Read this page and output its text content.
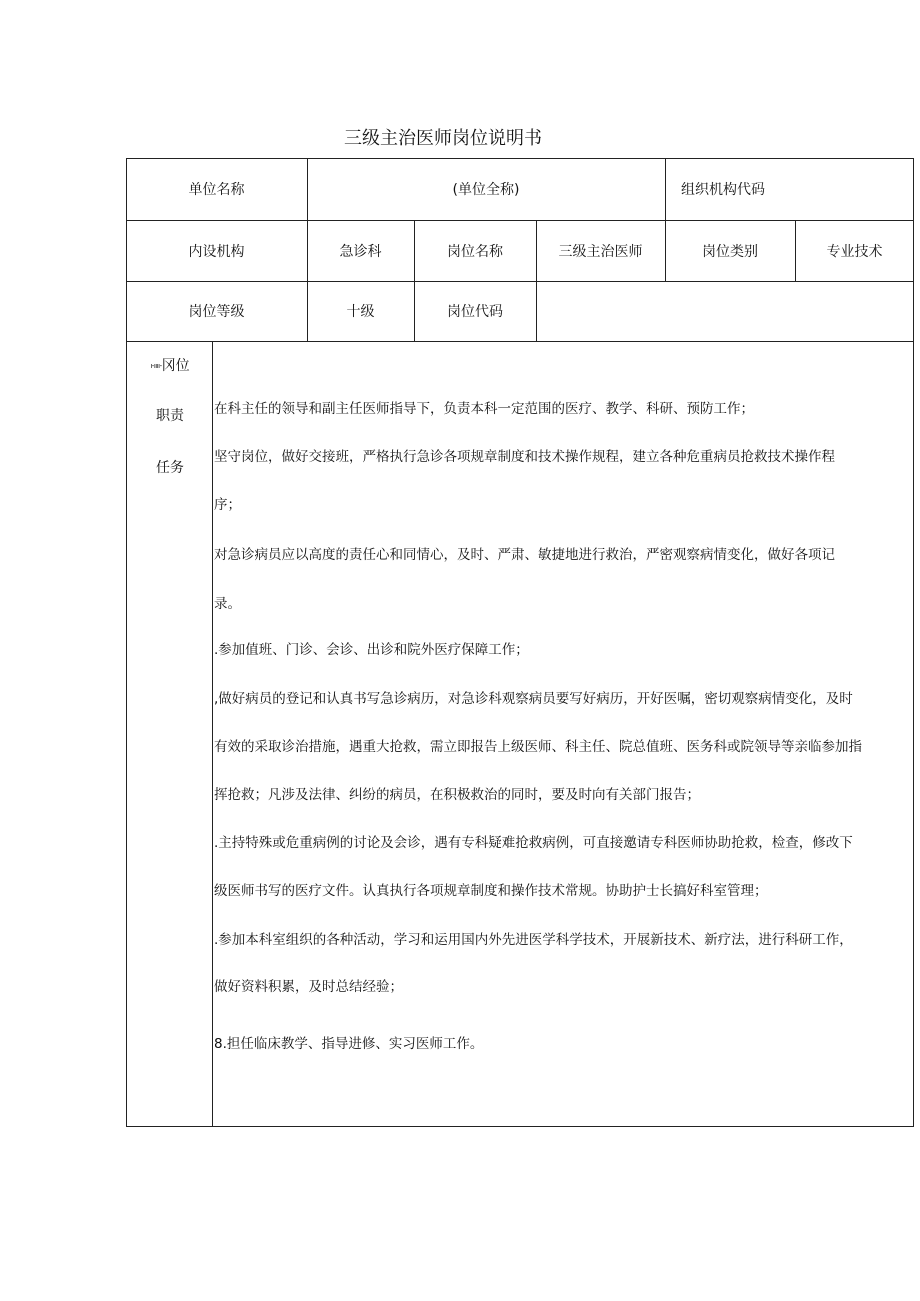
三级主治医师岗位说明书
单位名称	(单位全称)	组织机构代码
内设机构	急诊科	岗位名称	三级主治医师	岗位类别	专业技术
岗位等级	十级	岗位代码
ı-ıııı-冈位
职责
任务
在科主任的领导和副主任医师指导下，负责本科一定范围的医疗、教学、科研、预防工作；
坚守岗位，做好交接班，严格执行急诊各项规章制度和技术操作规程，建立各种危重病员抢救技术操作程
序；
对急诊病员应以高度的责任心和同情心，及时、严肃、敏捷地进行救治，严密观察病情变化，做好各项记
录。
.参加值班、门诊、会诊、出诊和院外医疗保障工作；
,做好病员的登记和认真书写急诊病历，对急诊科观察病员要写好病历，开好医嘱，密切观察病情变化，及时
有效的采取诊治措施，遇重大抢救，需立即报告上级医师、科主任、院总值班、医务科或院领导等亲临参加指
挥抢救；凡涉及法律、纠纷的病员，在积极救治的同时，要及时向有关部门报告；
.主持特殊或危重病例的讨论及会诊，遇有专科疑难抢救病例，可直接邀请专科医师协助抢救，检查，修改下
级医师书写的医疗文件。认真执行各项规章制度和操作技术常规。协助护士长搞好科室管理；
.参加本科室组织的各种活动，学习和运用国内外先进医学科学技术，开展新技术、新疗法，进行科研工作，
做好资料积累，及时总结经验；
8.担任临床教学、指导进修、实习医师工作。
